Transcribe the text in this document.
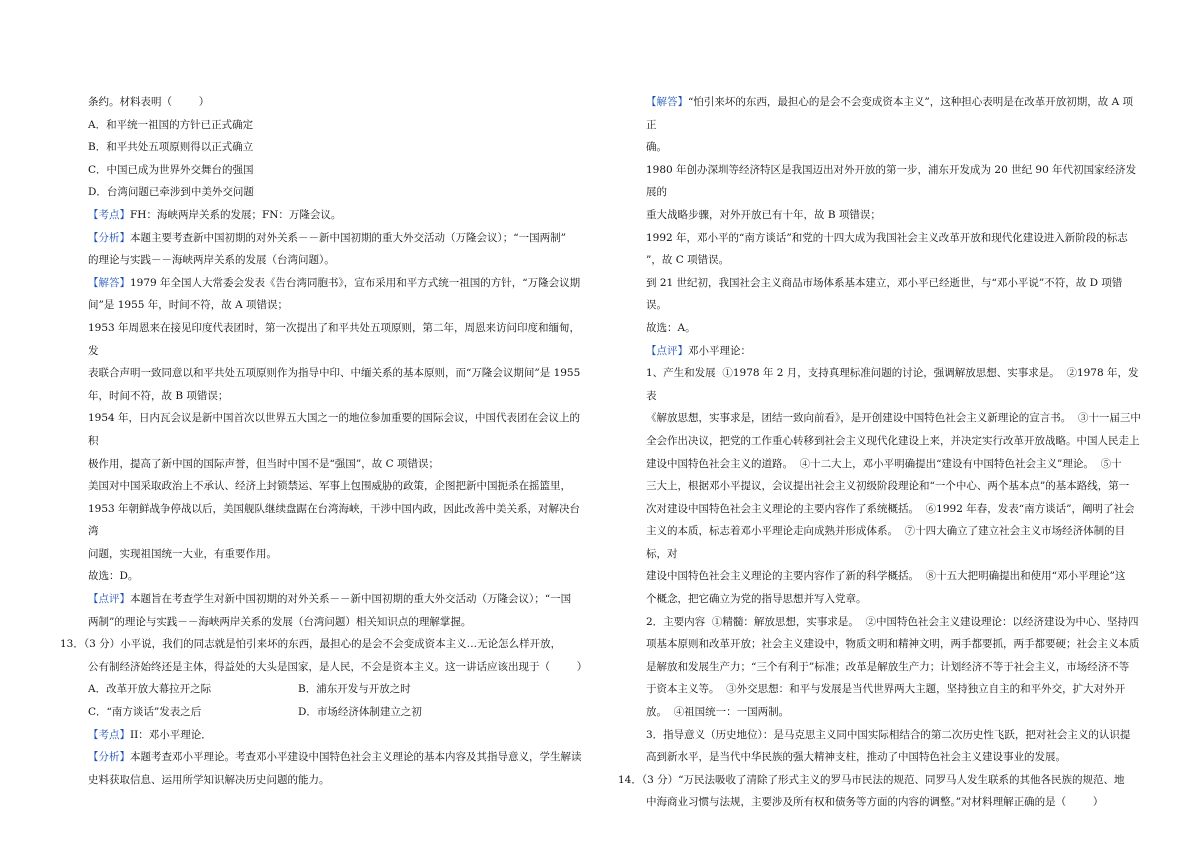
条约。材料表明（        ）

A．和平统一祖国的方针已正式确定

B．和平共处五项原则得以正式确立

C．中国已成为世界外交舞台的强国

D．台湾问题已牵涉到中美外交问题

【考点】FH：海峡两岸关系的发展；FN：万隆会议。

【分析】本题主要考查新中国初期的对外关系－－新中国初期的重大外交活动（万隆会议）；“一国两制”

的理论与实践－－海峡两岸关系的发展（台湾问题）。

【解答】1979 年全国人大常委会发表《告台湾同胞书》，宣布采用和平方式统一祖国的方针，“万隆会议期

间”是 1955 年，时间不符，故 A 项错误；

1953 年周恩来在接见印度代表团时，第一次提出了和平共处五项原则，第二年，周恩来访问印度和缅甸，发

表联合声明一致同意以和平共处五项原则作为指导中印、中缅关系的基本原则，而“万隆会议期间”是 1955

年，时间不符，故 B 项错误；

1954 年，日内瓦会议是新中国首次以世界五大国之一的地位参加重要的国际会议，中国代表团在会议上的积

极作用，提高了新中国的国际声誉，但当时中国不是“强国”，故 C 项错误；

美国对中国采取政治上不承认、经济上封锁禁运、军事上包围威胁的政策，企图把新中国扼杀在摇篮里，

1953 年朝鲜战争停战以后，美国舰队继续盘踞在台湾海峡，干涉中国内政，因此改善中美关系，对解决台湾

问题，实现祖国统一大业，有重要作用。

故选：D。

【点评】本题旨在考查学生对新中国初期的对外关系－－新中国初期的重大外交活动（万隆会议）；“一国

两制”的理论与实践－－海峡两岸关系的发展（台湾问题）相关知识点的理解掌握。

13．（3 分）小平说，我们的同志就是怕引来坏的东西，最担心的是会不会变成资本主义…无论怎么样开放，

公有制经济始终还是主体，得益处的大头是国家，是人民，不会是资本主义。这一讲话应该出现于（        ）

A．改革开放大幕拉开之际	B．浦东开发与开放之时
C．“南方谈话”发表之后	D．市场经济体制建立之初

【考点】II：邓小平理论．

【分析】本题考查邓小平理论。考查邓小平建设中国特色社会主义理论的基本内容及其指导意义，学生解读

史料获取信息、运用所学知识解决历史问题的能力。

【解答】“怕引来坏的东西，最担心的是会不会变成资本主义”，这种担心表明是在改革开放初期，故 A 项正

确。

1980 年创办深圳等经济特区是我国迈出对外开放的第一步，浦东开发成为 20 世纪 90 年代初国家经济发展的

重大战略步骤，对外开放已有十年，故 B 项错误；

1992 年，邓小平的“南方谈话”和党的十四大成为我国社会主义改革开放和现代化建设进入新阶段的标志

”，故 C 项错误。

到 21 世纪初，我国社会主义商品市场体系基本建立，邓小平已经逝世，与“邓小平说”不符，故 D 项错

误。

故选：A。

【点评】邓小平理论：

1、产生和发展  ①1978 年 2 月，支持真理标准问题的讨论，强调解放思想、实事求是。  ②1978 年，发表

《解放思想，实事求是，团结一致向前看》，是开创建设中国特色社会主义新理论的宣言书。  ③十一届三中

全会作出决议，把党的工作重心转移到社会主义现代化建设上来，并决定实行改革开放战略。中国人民走上

建设中国特色社会主义的道路。  ④十二大上，邓小平明确提出“建设有中国特色社会主义”理论。  ⑤十

三大上，根据邓小平提议，会议提出社会主义初级阶段理论和“一个中心、两个基本点”的基本路线，第一

次对建设中国特色社会主义理论的主要内容作了系统概括。  ⑥1992 年春，发表“南方谈话”，阐明了社会

主义的本质，标志着邓小平理论走向成熟并形成体系。  ⑦十四大确立了建立社会主义市场经济体制的目标，对

建设中国特色社会主义理论的主要内容作了新的科学概括。  ⑧十五大把明确提出和使用“邓小平理论”这

个概念，把它确立为党的指导思想并写入党章。

2．主要内容  ①精髓：解放思想，实事求是。  ②中国特色社会主义建设理论：以经济建设为中心、坚持四

项基本原则和改革开放；社会主义建设中，物质文明和精神文明，两手都要抓，两手都要硬；社会主义本质

是解放和发展生产力；“三个有利于”标准；改革是解放生产力；计划经济不等于社会主义，市场经济不等

于资本主义等。  ③外交思想：和平与发展是当代世界两大主题，坚持独立自主的和平外交，扩大对外开

放。  ④祖国统一：一国两制。

3．指导意义（历史地位）：是马克思主义同中国实际相结合的第二次历史性飞跃，把对社会主义的认识提

高到新水平，是当代中华民族的强大精神支柱，推动了中国特色社会主义建设事业的发展。

14．（3 分）“万民法吸收了清除了形式主义的罗马市民法的规范、同罗马人发生联系的其他各民族的规范、地

中海商业习惯与法规，主要涉及所有权和债务等方面的内容的调整。”对材料理解正确的是（        ）
